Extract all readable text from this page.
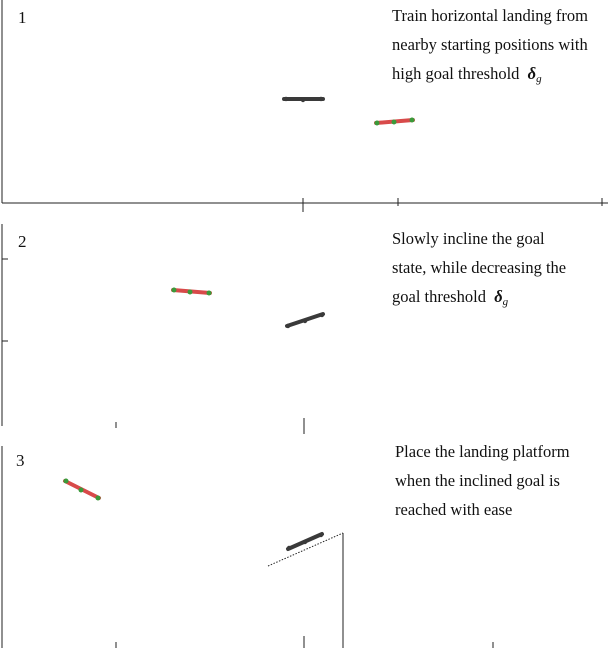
1
2
3
Train horizontal landing from
nearby starting positions with
high goal threshold $\delta_g$
Slowly incline the goal
state, while decreasing the
goal threshold $\delta_g$
Place the landing platform
when the inclined goal is
reached with ease
